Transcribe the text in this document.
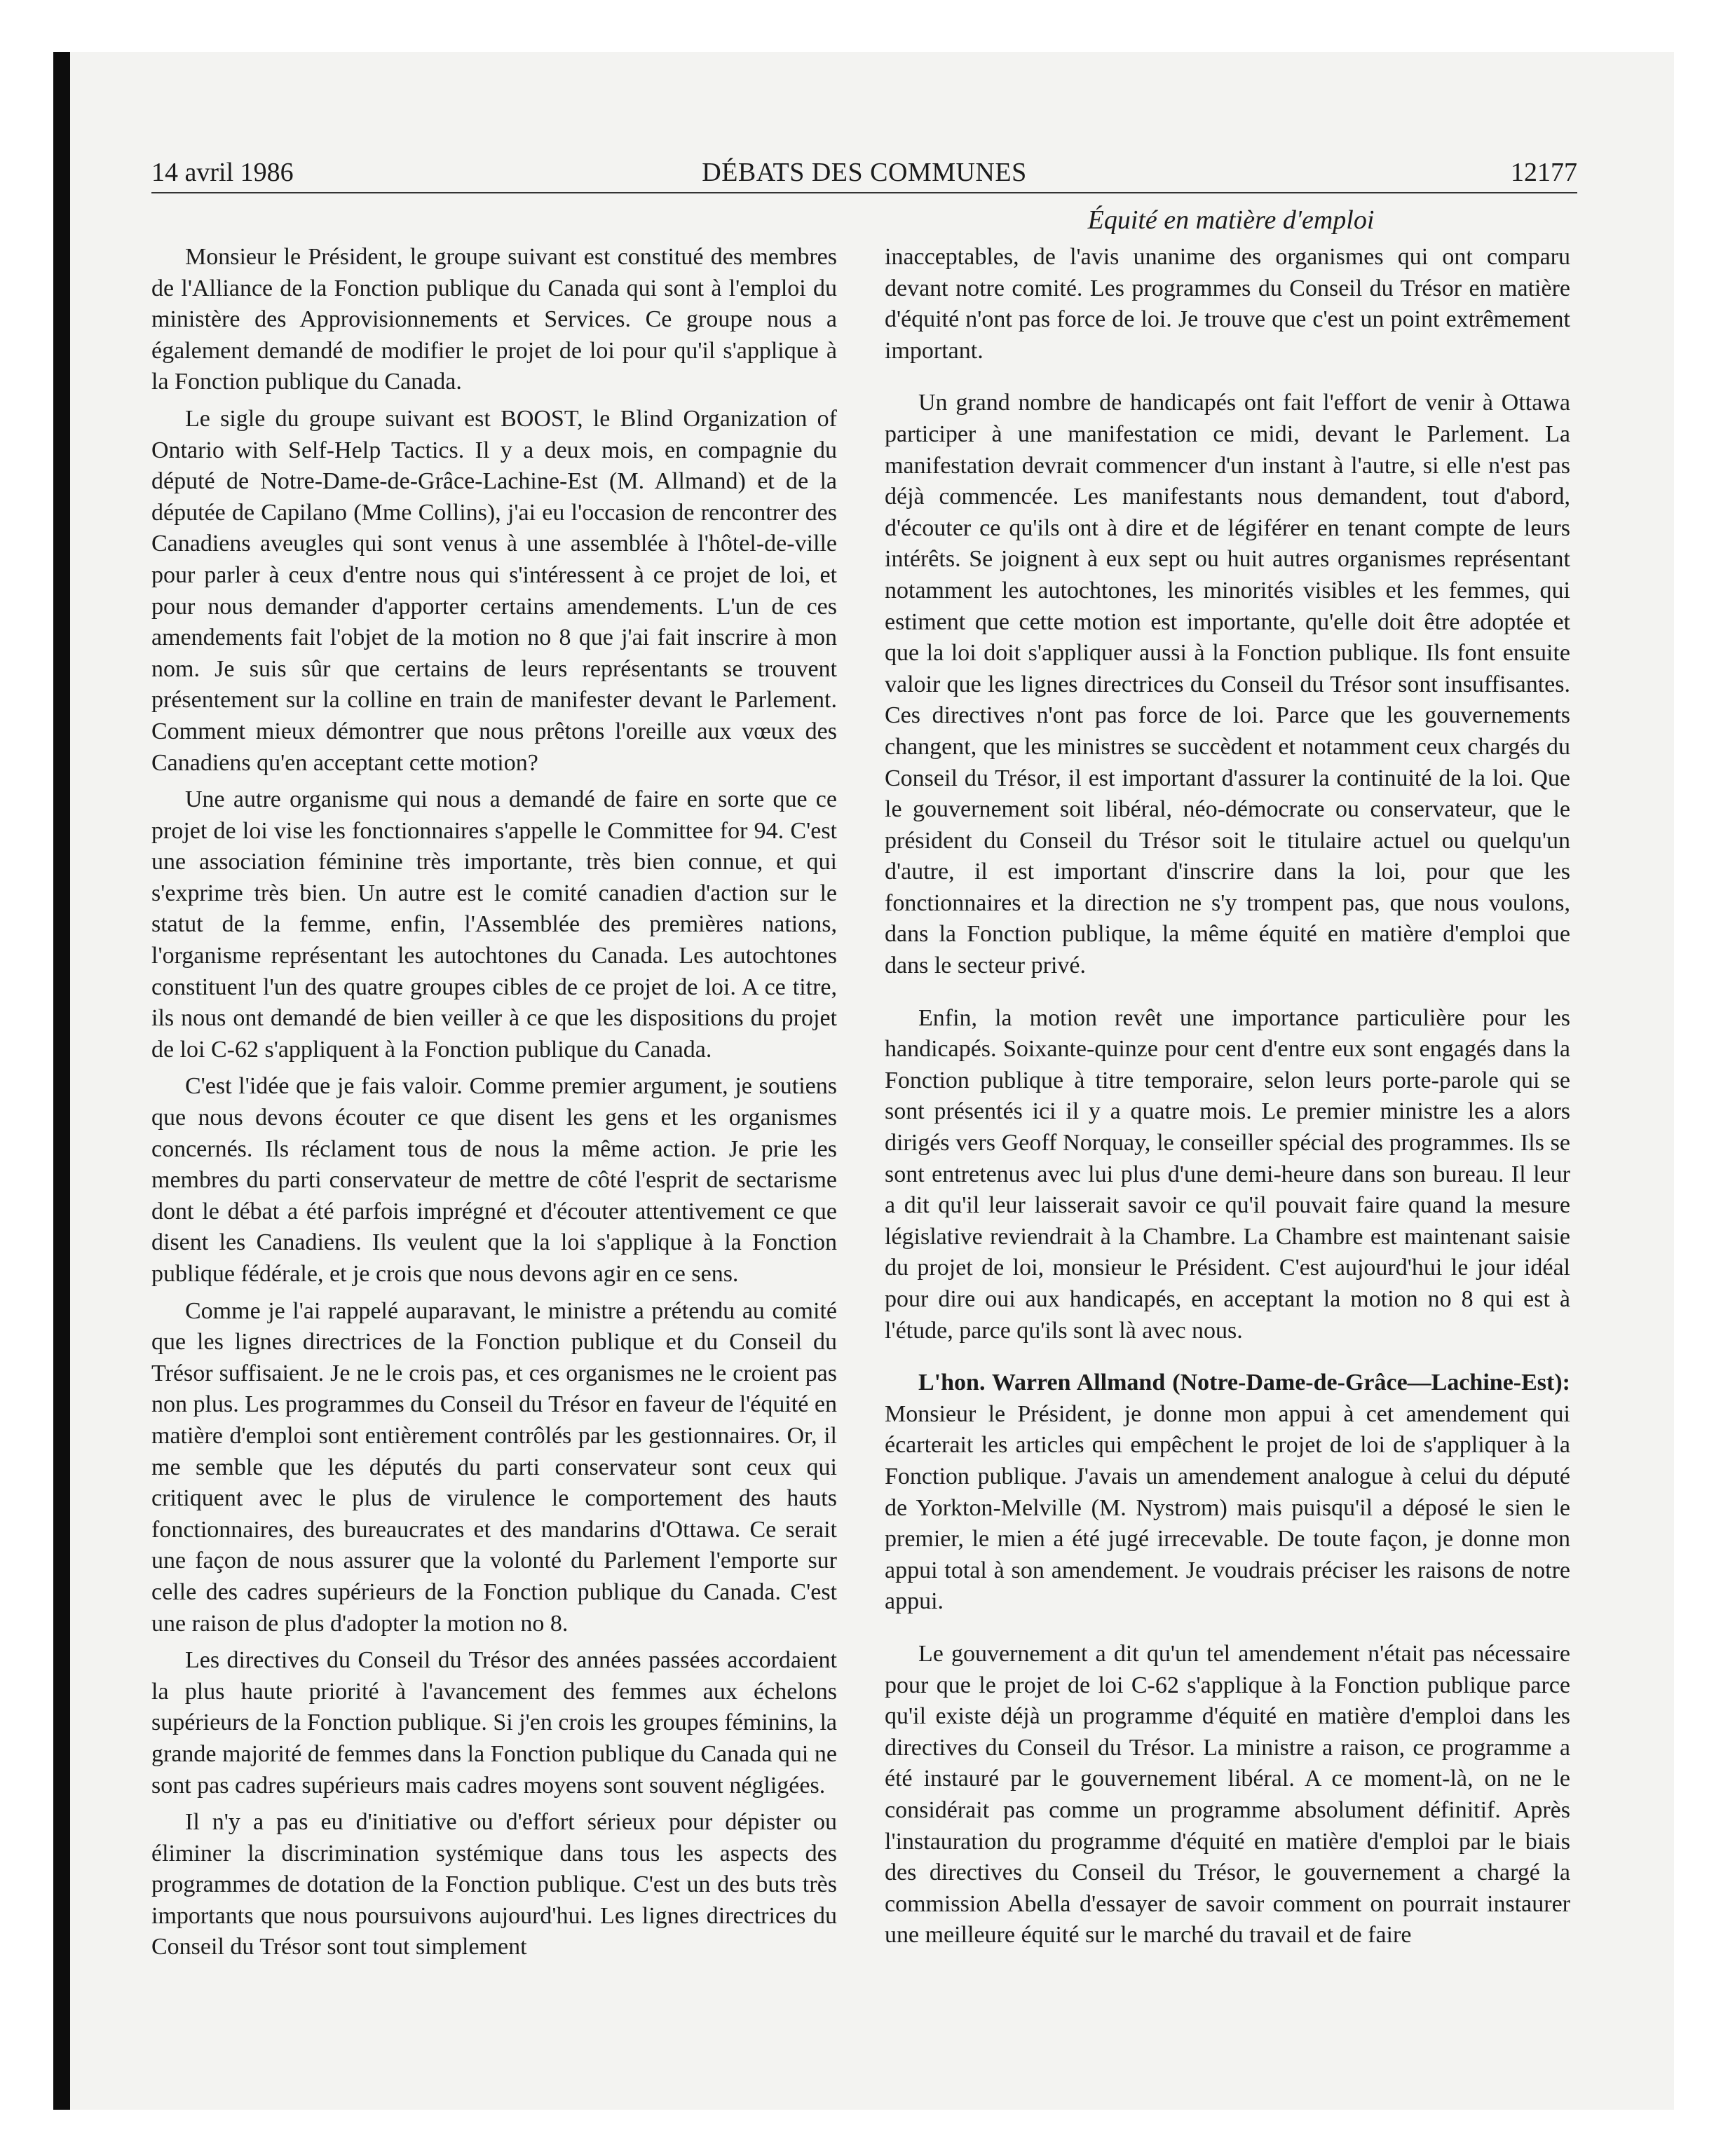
14 avril 1986	DÉBATS DES COMMUNES	12177
Équité en matière d'emploi

Monsieur le Président, le groupe suivant est constitué des membres de l'Alliance de la Fonction publique du Canada qui sont à l'emploi du ministère des Approvisionnements et Services. Ce groupe nous a également demandé de modifier le projet de loi pour qu'il s'applique à la Fonction publique du Canada.

Le sigle du groupe suivant est BOOST, le Blind Organization of Ontario with Self-Help Tactics. Il y a deux mois, en compagnie du député de Notre-Dame-de-Grâce-Lachine-Est (M. Allmand) et de la députée de Capilano (Mme Collins), j'ai eu l'occasion de rencontrer des Canadiens aveugles qui sont venus à une assemblée à l'hôtel-de-ville pour parler à ceux d'entre nous qui s'intéressent à ce projet de loi, et pour nous demander d'apporter certains amendements. L'un de ces amendements fait l'objet de la motion no 8 que j'ai fait inscrire à mon nom. Je suis sûr que certains de leurs représentants se trouvent présentement sur la colline en train de manifester devant le Parlement. Comment mieux démontrer que nous prêtons l'oreille aux vœux des Canadiens qu'en acceptant cette motion?

Une autre organisme qui nous a demandé de faire en sorte que ce projet de loi vise les fonctionnaires s'appelle le Committee for 94. C'est une association féminine très importante, très bien connue, et qui s'exprime très bien. Un autre est le comité canadien d'action sur le statut de la femme, enfin, l'Assemblée des premières nations, l'organisme représentant les autochtones du Canada. Les autochtones constituent l'un des quatre groupes cibles de ce projet de loi. A ce titre, ils nous ont demandé de bien veiller à ce que les dispositions du projet de loi C-62 s'appliquent à la Fonction publique du Canada.

C'est l'idée que je fais valoir. Comme premier argument, je soutiens que nous devons écouter ce que disent les gens et les organismes concernés. Ils réclament tous de nous la même action. Je prie les membres du parti conservateur de mettre de côté l'esprit de sectarisme dont le débat a été parfois imprégné et d'écouter attentivement ce que disent les Canadiens. Ils veulent que la loi s'applique à la Fonction publique fédérale, et je crois que nous devons agir en ce sens.

Comme je l'ai rappelé auparavant, le ministre a prétendu au comité que les lignes directrices de la Fonction publique et du Conseil du Trésor suffisaient. Je ne le crois pas, et ces organismes ne le croient pas non plus. Les programmes du Conseil du Trésor en faveur de l'équité en matière d'emploi sont entièrement contrôlés par les gestionnaires. Or, il me semble que les députés du parti conservateur sont ceux qui critiquent avec le plus de virulence le comportement des hauts fonctionnaires, des bureaucrates et des mandarins d'Ottawa. Ce serait une façon de nous assurer que la volonté du Parlement l'emporte sur celle des cadres supérieurs de la Fonction publique du Canada. C'est une raison de plus d'adopter la motion no 8.

Les directives du Conseil du Trésor des années passées accordaient la plus haute priorité à l'avancement des femmes aux échelons supérieurs de la Fonction publique. Si j'en crois les groupes féminins, la grande majorité de femmes dans la Fonction publique du Canada qui ne sont pas cadres supérieurs mais cadres moyens sont souvent négligées.

Il n'y a pas eu d'initiative ou d'effort sérieux pour dépister ou éliminer la discrimination systémique dans tous les aspects des programmes de dotation de la Fonction publique. C'est un des buts très importants que nous poursuivons aujourd'hui. Les lignes directrices du Conseil du Trésor sont tout simplement

inacceptables, de l'avis unanime des organismes qui ont comparu devant notre comité. Les programmes du Conseil du Trésor en matière d'équité n'ont pas force de loi. Je trouve que c'est un point extrêmement important.

Un grand nombre de handicapés ont fait l'effort de venir à Ottawa participer à une manifestation ce midi, devant le Parlement. La manifestation devrait commencer d'un instant à l'autre, si elle n'est pas déjà commencée. Les manifestants nous demandent, tout d'abord, d'écouter ce qu'ils ont à dire et de légiférer en tenant compte de leurs intérêts. Se joignent à eux sept ou huit autres organismes représentant notamment les autochtones, les minorités visibles et les femmes, qui estiment que cette motion est importante, qu'elle doit être adoptée et que la loi doit s'appliquer aussi à la Fonction publique. Ils font ensuite valoir que les lignes directrices du Conseil du Trésor sont insuffisantes. Ces directives n'ont pas force de loi. Parce que les gouvernements changent, que les ministres se succèdent et notamment ceux chargés du Conseil du Trésor, il est important d'assurer la continuité de la loi. Que le gouvernement soit libéral, néo-démocrate ou conservateur, que le président du Conseil du Trésor soit le titulaire actuel ou quelqu'un d'autre, il est important d'inscrire dans la loi, pour que les fonctionnaires et la direction ne s'y trompent pas, que nous voulons, dans la Fonction publique, la même équité en matière d'emploi que dans le secteur privé.

Enfin, la motion revêt une importance particulière pour les handicapés. Soixante-quinze pour cent d'entre eux sont engagés dans la Fonction publique à titre temporaire, selon leurs porte-parole qui se sont présentés ici il y a quatre mois. Le premier ministre les a alors dirigés vers Geoff Norquay, le conseiller spécial des programmes. Ils se sont entretenus avec lui plus d'une demi-heure dans son bureau. Il leur a dit qu'il leur laisserait savoir ce qu'il pouvait faire quand la mesure législative reviendrait à la Chambre. La Chambre est maintenant saisie du projet de loi, monsieur le Président. C'est aujourd'hui le jour idéal pour dire oui aux handicapés, en acceptant la motion no 8 qui est à l'étude, parce qu'ils sont là avec nous.

L'hon. Warren Allmand (Notre-Dame-de-Grâce—Lachine-Est): Monsieur le Président, je donne mon appui à cet amendement qui écarterait les articles qui empêchent le projet de loi de s'appliquer à la Fonction publique. J'avais un amendement analogue à celui du député de Yorkton-Melville (M. Nystrom) mais puisqu'il a déposé le sien le premier, le mien a été jugé irrecevable. De toute façon, je donne mon appui total à son amendement. Je voudrais préciser les raisons de notre appui.

Le gouvernement a dit qu'un tel amendement n'était pas nécessaire pour que le projet de loi C-62 s'applique à la Fonction publique parce qu'il existe déjà un programme d'équité en matière d'emploi dans les directives du Conseil du Trésor. La ministre a raison, ce programme a été instauré par le gouvernement libéral. A ce moment-là, on ne le considérait pas comme un programme absolument définitif. Après l'instauration du programme d'équité en matière d'emploi par le biais des directives du Conseil du Trésor, le gouvernement a chargé la commission Abella d'essayer de savoir comment on pourrait instaurer une meilleure équité sur le marché du travail et de faire
